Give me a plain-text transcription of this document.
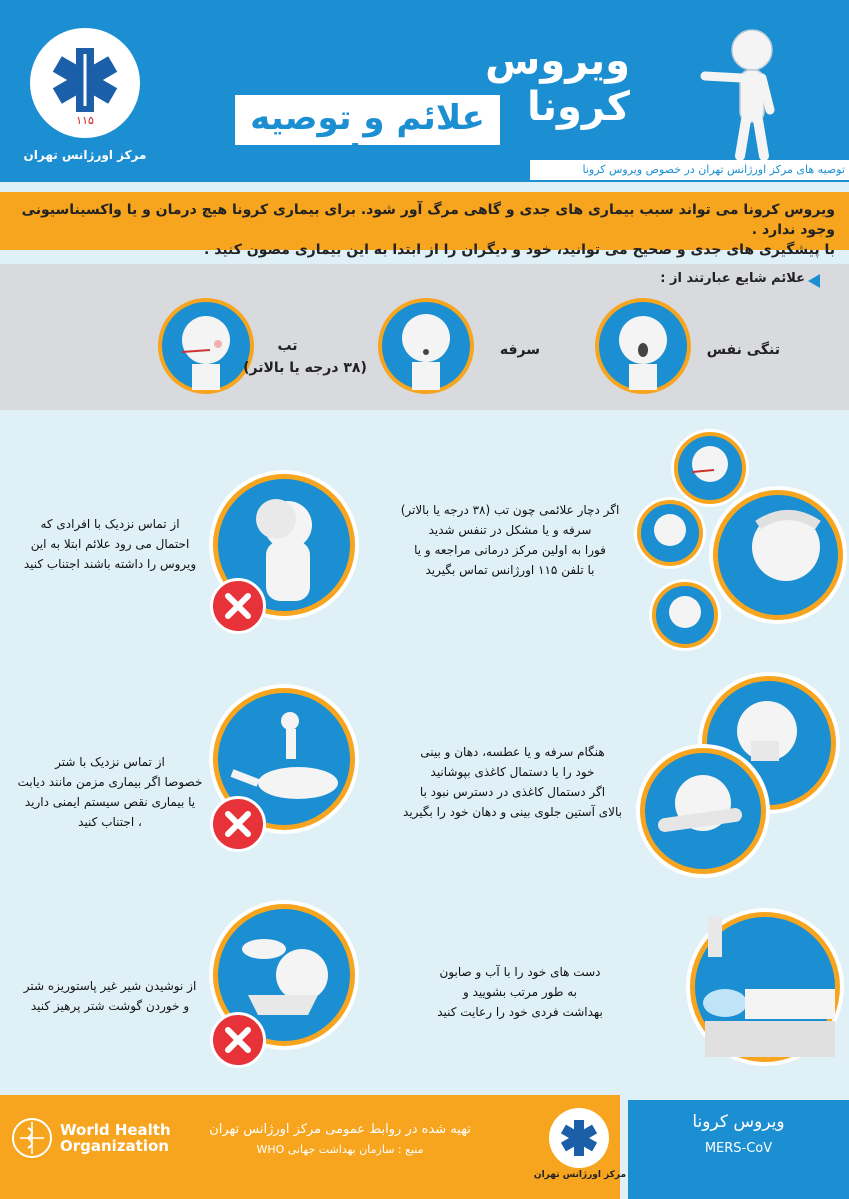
۱۱۵
مرکز اورژانس تهران
ویروس کرونا
علائم و توصیه ها	توصیه های مرکز اورژانس تهران در خصوص ویروس کرونا
ویروس کرونا می تواند سبب بیماری های جدی و گاهی مرگ آور شود. برای بیماری کرونا هیچ درمان و یا واکسیناسیونی وجود ندارد .
با پیشگیری های جدی و صحیح می توانید، خود و دیگران را از ابتدا به این بیماری مصون کنید .
علائم شایع عبارتند از :
تنگی نفس
سرفه
تب
(۳۸ درجه یا بالاتر)
از تماس نزدیک با افرادی که
احتمال می رود علائم ابتلا به این
ویروس را داشته باشند اجتناب کنید
اگر دچار علائمی چون تب (۳۸ درجه یا بالاتر)
سرفه و یا مشکل در تنفس شدید
فورا به اولین مرکز درمانی مراجعه و یا
با تلفن ۱۱۵ اورژانس تماس بگیرید
از تماس نزدیک با شتر
خصوصا اگر بیماری مزمن مانند دیابت
یا بیماری نقص سیستم ایمنی دارید
، اجتناب کنید
هنگام سرفه و یا عطسه، دهان و بینی
خود را با دستمال کاغذی بپوشانید
اگر دستمال کاغذی در دسترس نبود با
بالای آستین جلوی بینی و دهان خود را بگیرید
از نوشیدن شیر غیر پاستوریزه شتر
و خوردن گوشت شتر پرهیز کنید
دست های خود را با آب و صابون
به طور مرتب بشویید و
بهداشت فردی خود را رعایت کنید
World Health
Organization
تهیه شده در روابط عمومی مرکز اورژانس تهران
منبع : سازمان بهداشت جهانی WHO
مرکز اورژانس تهران
ویروس کرونا
MERS-CoV
